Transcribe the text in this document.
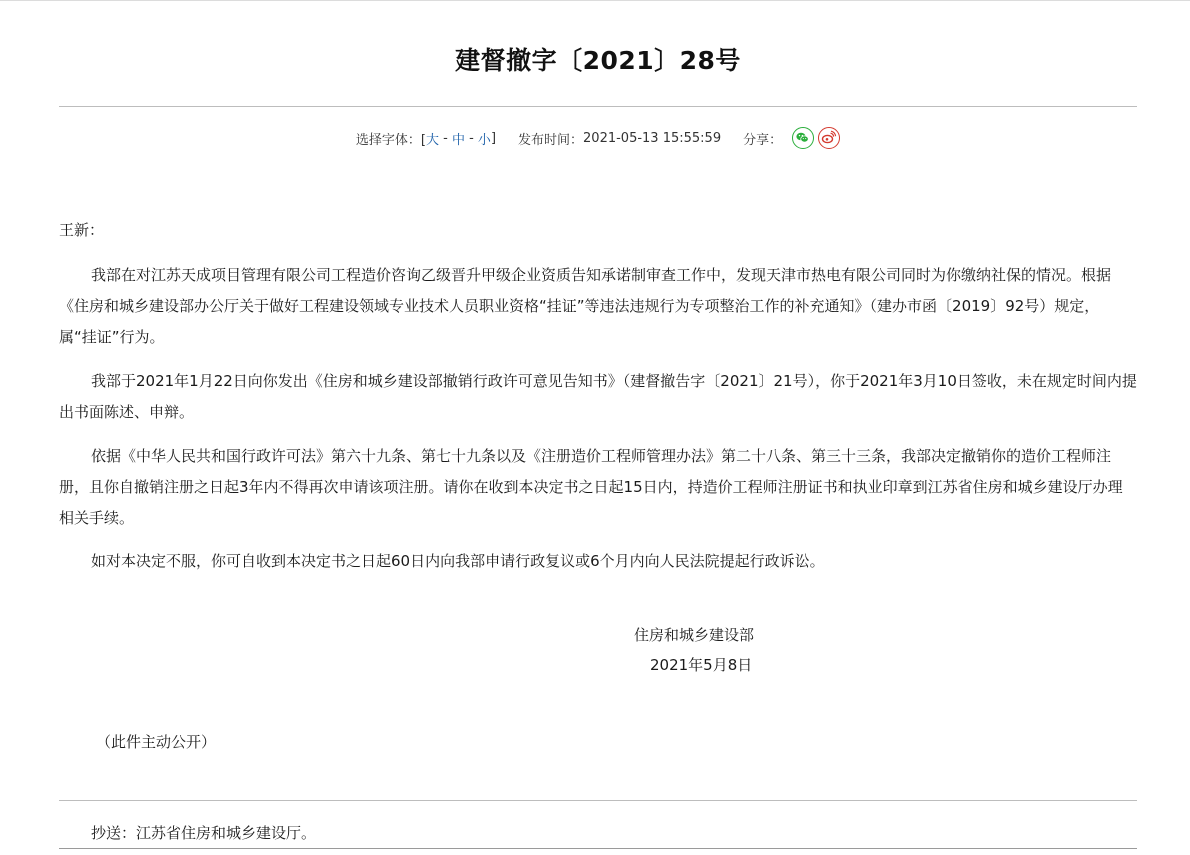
建督撤字〔2021〕28号
选择字体：[ 大 - 中 - 小 ] 发布时间： 2021-05-13 15:55:59 分享：
王新：

我部在对江苏天成项目管理有限公司工程造价咨询乙级晋升甲级企业资质告知承诺制审查工作中，发现天津市热电有限公司同时为你缴纳社保的情况。根据《住房和城乡建设部办公厅关于做好工程建设领域专业技术人员职业资格“挂证”等违法违规行为专项整治工作的补充通知》（建办市函〔2019〕92号）规定，属“挂证”行为。

我部于2021年1月22日向你发出《住房和城乡建设部撤销行政许可意见告知书》（建督撤告字〔2021〕21号），你于2021年3月10日签收，未在规定时间内提出书面陈述、申辩。

依据《中华人民共和国行政许可法》第六十九条、第七十九条以及《注册造价工程师管理办法》第二十八条、第三十三条，我部决定撤销你的造价工程师注册，且你自撤销注册之日起3年内不得再次申请该项注册。请你在收到本决定书之日起15日内，持造价工程师注册证书和执业印章到江苏省住房和城乡建设厅办理相关手续。

如对本决定不服，你可自收到本决定书之日起60日内向我部申请行政复议或6个月内向人民法院提起行政诉讼。

住房和城乡建设部
2021年5月8日
（此件主动公开）
抄送：江苏省住房和城乡建设厅。
